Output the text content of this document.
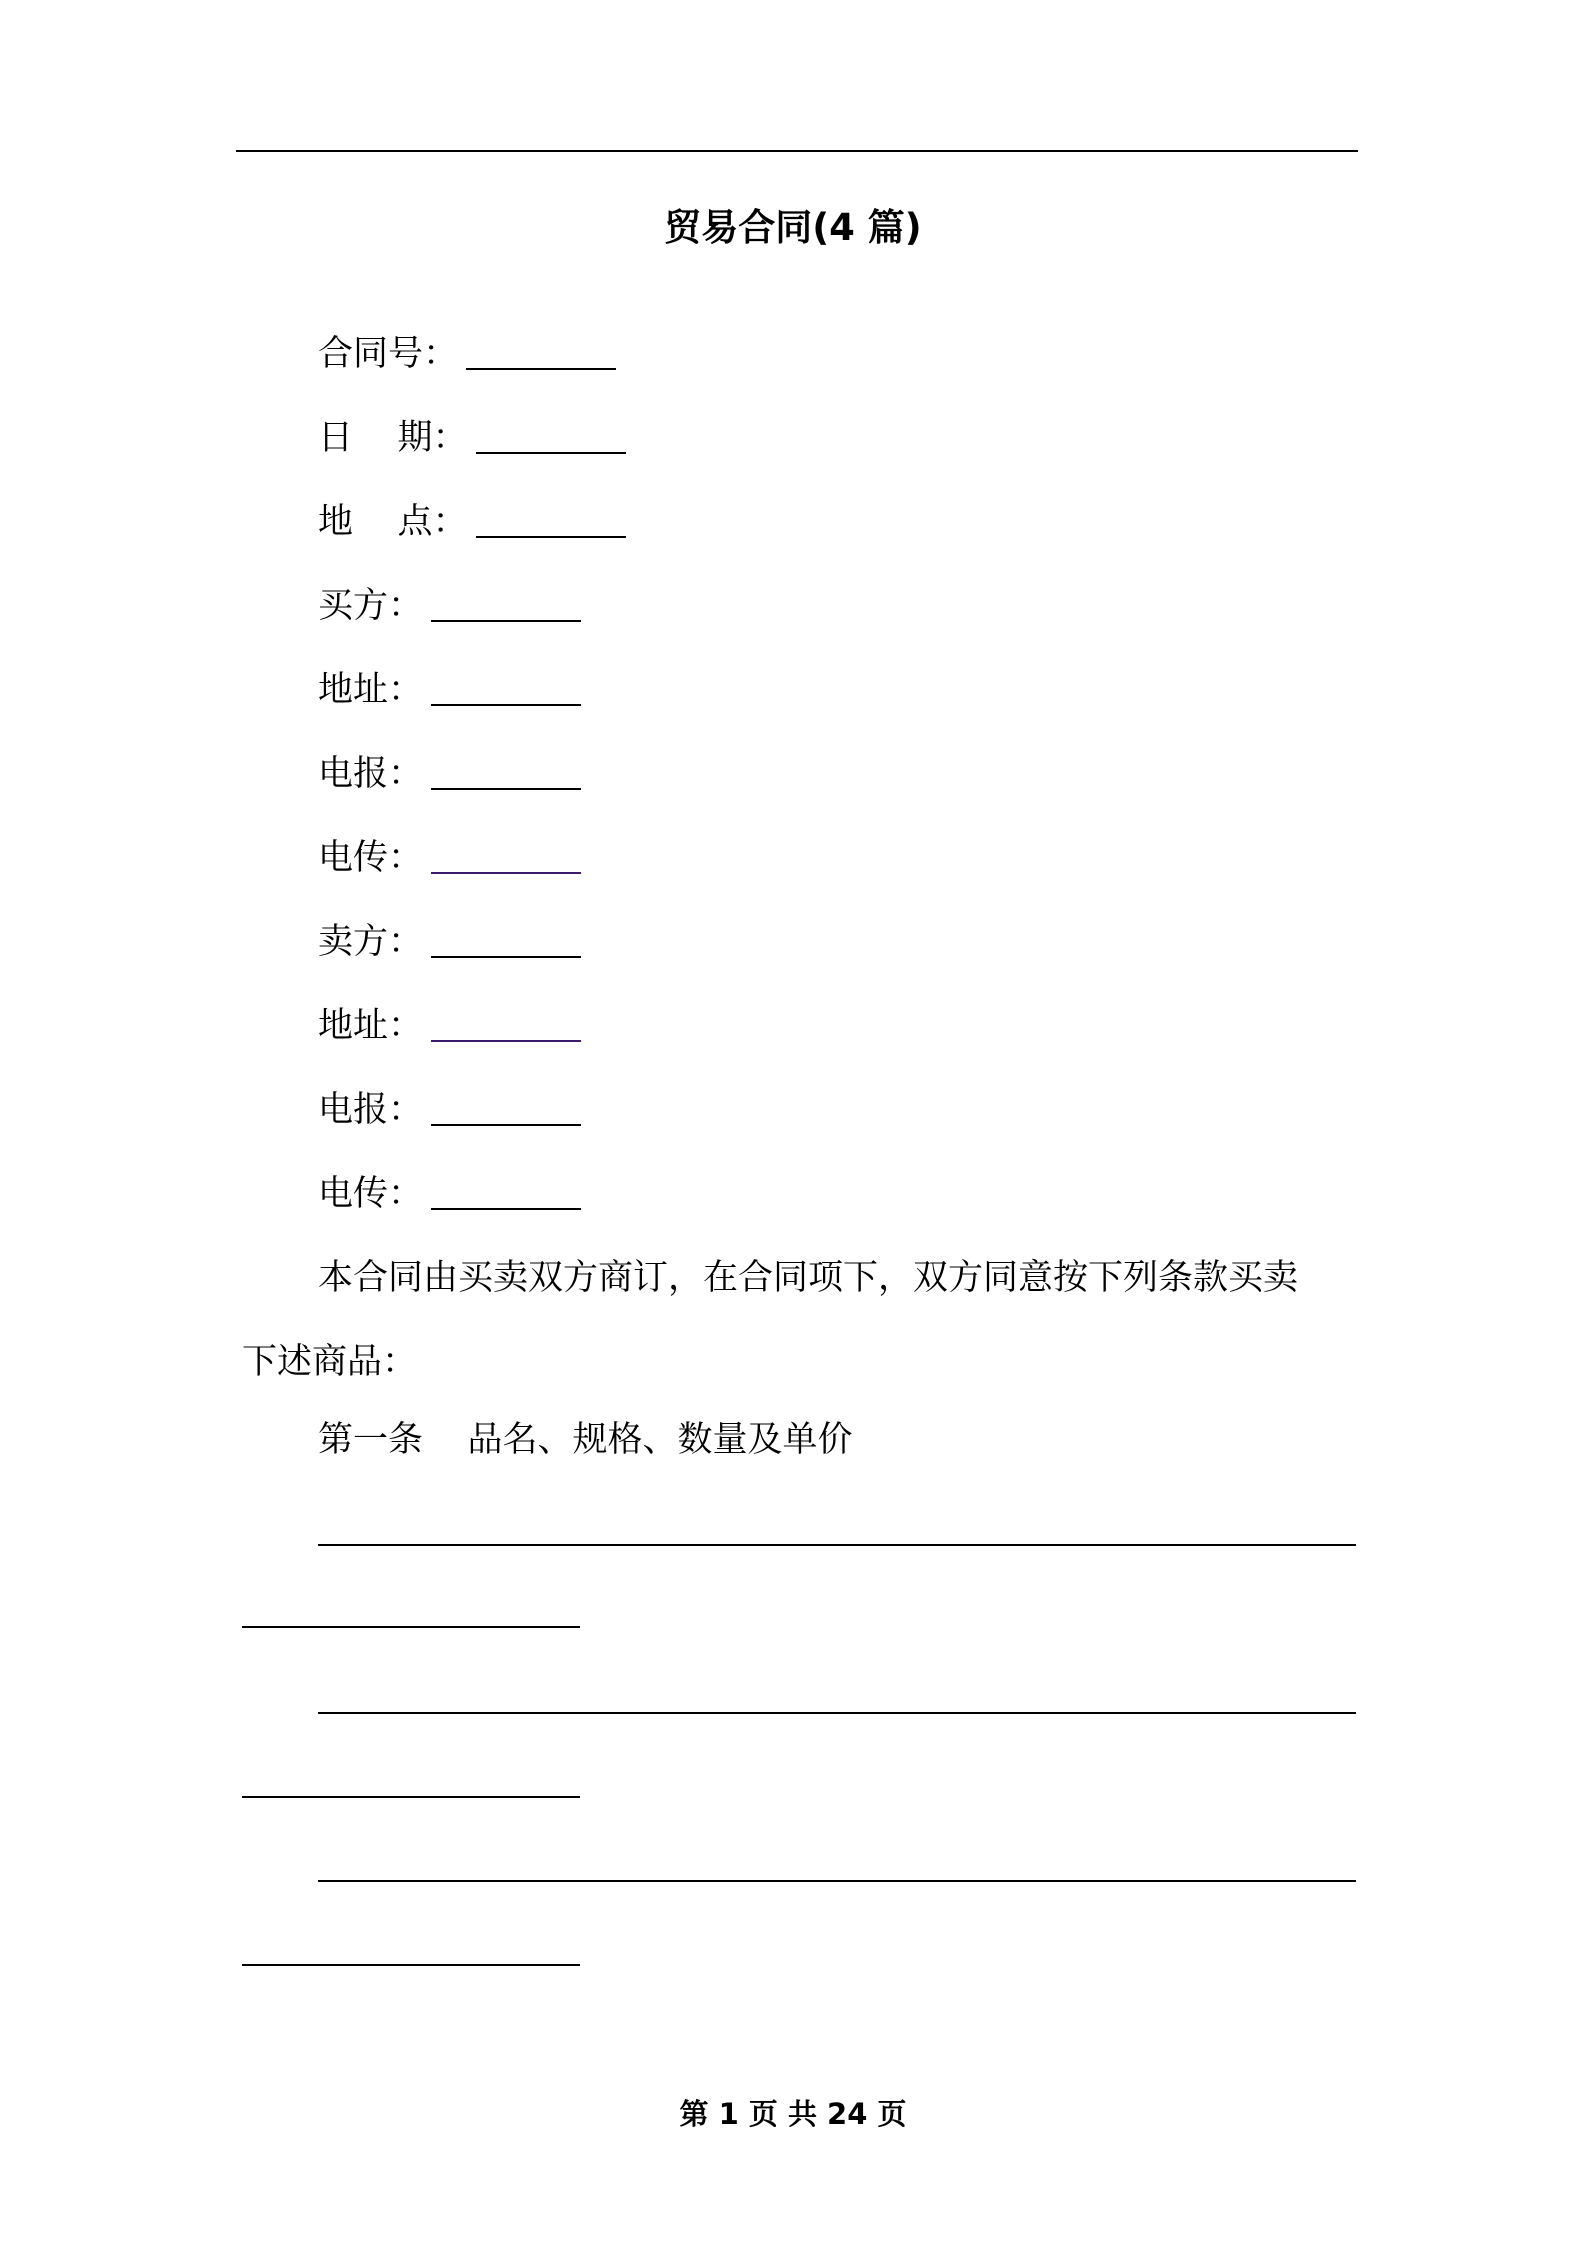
贸易合同(4 篇)
合同号：
日    期：
地    点：
买方：
地址：
电报：
电传：
卖方：
地址：
电报：
电传：
本合同由买卖双方商订，在合同项下，双方同意按下列条款买卖
下述商品：
第一条    品名、规格、数量及单价
第 1 页 共 24 页
